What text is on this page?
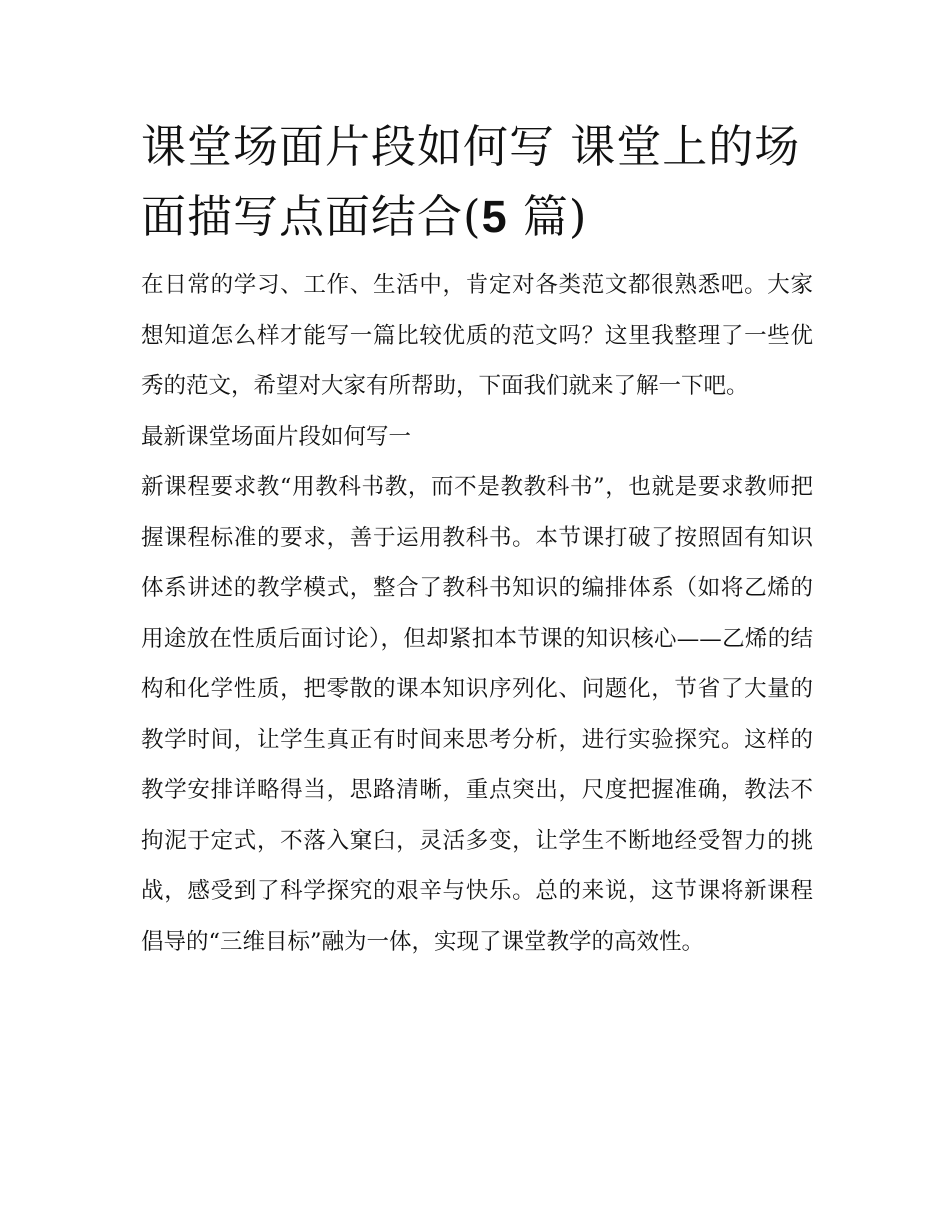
课堂场面片段如何写 课堂上的场面描写点面结合(5 篇)

在日常的学习、工作、生活中，肯定对各类范文都很熟悉吧。大家想知道怎么样才能写一篇比较优质的范文吗？这里我整理了一些优秀的范文，希望对大家有所帮助，下面我们就来了解一下吧。

最新课堂场面片段如何写一

新课程要求教“用教科书教，而不是教教科书”，也就是要求教师把握课程标准的要求，善于运用教科书。本节课打破了按照固有知识体系讲述的教学模式，整合了教科书知识的编排体系（如将乙烯的用途放在性质后面讨论），但却紧扣本节课的知识核心——乙烯的结构和化学性质，把零散的课本知识序列化、问题化，节省了大量的教学时间，让学生真正有时间来思考分析，进行实验探究。这样的教学安排详略得当，思路清晰，重点突出，尺度把握准确，教法不拘泥于定式，不落入窠臼，灵活多变，让学生不断地经受智力的挑战，感受到了科学探究的艰辛与快乐。总的来说，这节课将新课程倡导的“三维目标”融为一体，实现了课堂教学的高效性。
